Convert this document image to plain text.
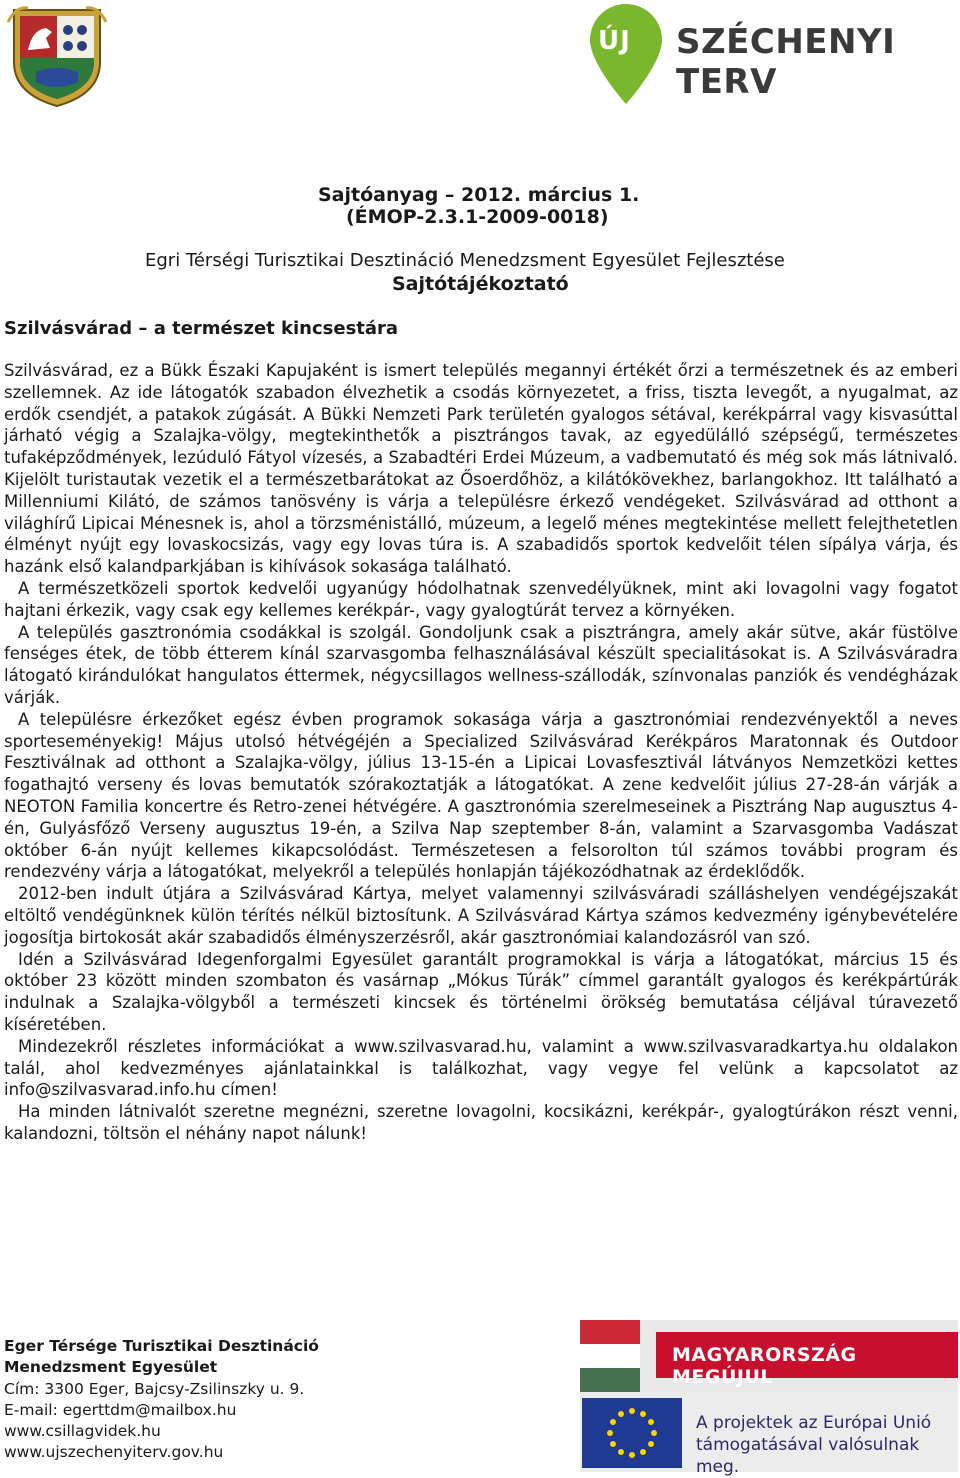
ÚJ SZÉCHENYI TERV
Sajtóanyag – 2012. március 1.
(ÉMOP-2.3.1-2009-0018)
Egri Térségi Turisztikai Desztináció Menedzsment Egyesület Fejlesztése
Sajtótájékoztató
Szilvásvárad – a természet kincsestára

Szilvásvárad, ez a Bükk Északi Kapujaként is ismert település megannyi értékét őrzi a természetnek és az emberi szellemnek. Az ide látogatók szabadon élvezhetik a csodás környezetet, a friss, tiszta levegőt, a nyugalmat, az erdők csendjét, a patakok zúgását. A Bükki Nemzeti Park területén gyalogos sétával, kerékpárral vagy kisvasúttal járható végig a Szalajka-völgy, megtekinthetők a pisztrángos tavak, az egyedülálló szépségű, természetes tufaképződmények, lezúduló Fátyol vízesés, a Szabadtéri Erdei Múzeum, a vadbemutató és még sok más látnivaló. Kijelölt turistautak vezetik el a természetbarátokat az Ősoerdőhöz, a kilátókövekhez, barlangokhoz. Itt található a Millenniumi Kilátó, de számos tanösvény is várja a településre érkező vendégeket. Szilvásvárad ad otthont a világhírű Lipicai Ménesnek is, ahol a törzsménistálló, múzeum, a legelő ménes megtekintése mellett felejthetetlen élményt nyújt egy lovaskocsizás, vagy egy lovas túra is. A szabadidős sportok kedvelőit télen sípálya várja, és hazánk első kalandparkjában is kihívások sokasága található.

A természetközeli sportok kedvelői ugyanúgy hódolhatnak szenvedélyüknek, mint aki lovagolni vagy fogatot hajtani érkezik, vagy csak egy kellemes kerékpár-, vagy gyalogtúrát tervez a környéken.

A település gasztronómia csodákkal is szolgál. Gondoljunk csak a pisztrángra, amely akár sütve, akár füstölve fenséges étek, de több étterem kínál szarvasgomba felhasználásával készült specialitásokat is. A Szilvásváradra látogató kirándulókat hangulatos éttermek, négycsillagos wellness-szállodák, színvonalas panziók és vendégházak várják.

A településre érkezőket egész évben programok sokasága várja a gasztronómiai rendezvényektől a neves sporteseményekig! Május utolsó hétvégéjén a Specialized Szilvásvárad Kerékpáros Maratonnak és Outdoor Fesztiválnak ad otthont a Szalajka-völgy, július 13-15-én a Lipicai Lovasfesztivál látványos Nemzetközi kettes fogathajtó verseny és lovas bemutatók szórakoztatják a látogatókat. A zene kedvelőit július 27-28-án várják a NEOTON Familia koncertre és Retro-zenei hétvégére. A gasztronómia szerelmeseinek a Pisztráng Nap augusztus 4-én, Gulyásfőző Verseny augusztus 19-én, a Szilva Nap szeptember 8-án, valamint a Szarvasgomba Vadászat október 6-án nyújt kellemes kikapcsolódást. Természetesen a felsorolton túl számos további program és rendezvény várja a látogatókat, melyekről a település honlapján tájékozódhatnak az érdeklődők.

2012-ben indult útjára a Szilvásvárad Kártya, melyet valamennyi szilvásváradi szálláshelyen vendégéjszakát eltöltő vendégünknek külön térítés nélkül biztosítunk. A Szilvásvárad Kártya számos kedvezmény igénybevételére jogosítja birtokosát akár szabadidős élményszerzésről, akár gasztronómiai kalandozásról van szó.

Idén a Szilvásvárad Idegenforgalmi Egyesület garantált programokkal is várja a látogatókat, március 15 és október 23 között minden szombaton és vasárnap „Mókus Túrák” címmel garantált gyalogos és kerékpártúrák indulnak a Szalajka-völgyből a természeti kincsek és történelmi örökség bemutatása céljával túravezető kíséretében.

Mindezekről részletes információkat a www.szilvasvarad.hu, valamint a www.szilvasvaradkartya.hu oldalakon talál, ahol kedvezményes ajánlatainkkal is találkozhat, vagy vegye fel velünk a kapcsolatot az info@szilvasvarad.info.hu címen!

Ha minden látnivalót szeretne megnézni, szeretne lovagolni, kocsikázni, kerékpár-, gyalogtúrákon részt venni, kalandozni, töltsön el néhány napot nálunk!

Eger Térsége Turisztikai Desztináció
Menedzsment Egyesület
Cím: 3300 Eger, Bajcsy-Zsilinszky u. 9.
E-mail: egerttdm@mailbox.hu
www.csillagvidek.hu
www.ujszechenyiterv.gov.hu
MAGYARORSZÁG MEGÚJUL
A projektek az Európai Unió
támogatásával valósulnak meg.
